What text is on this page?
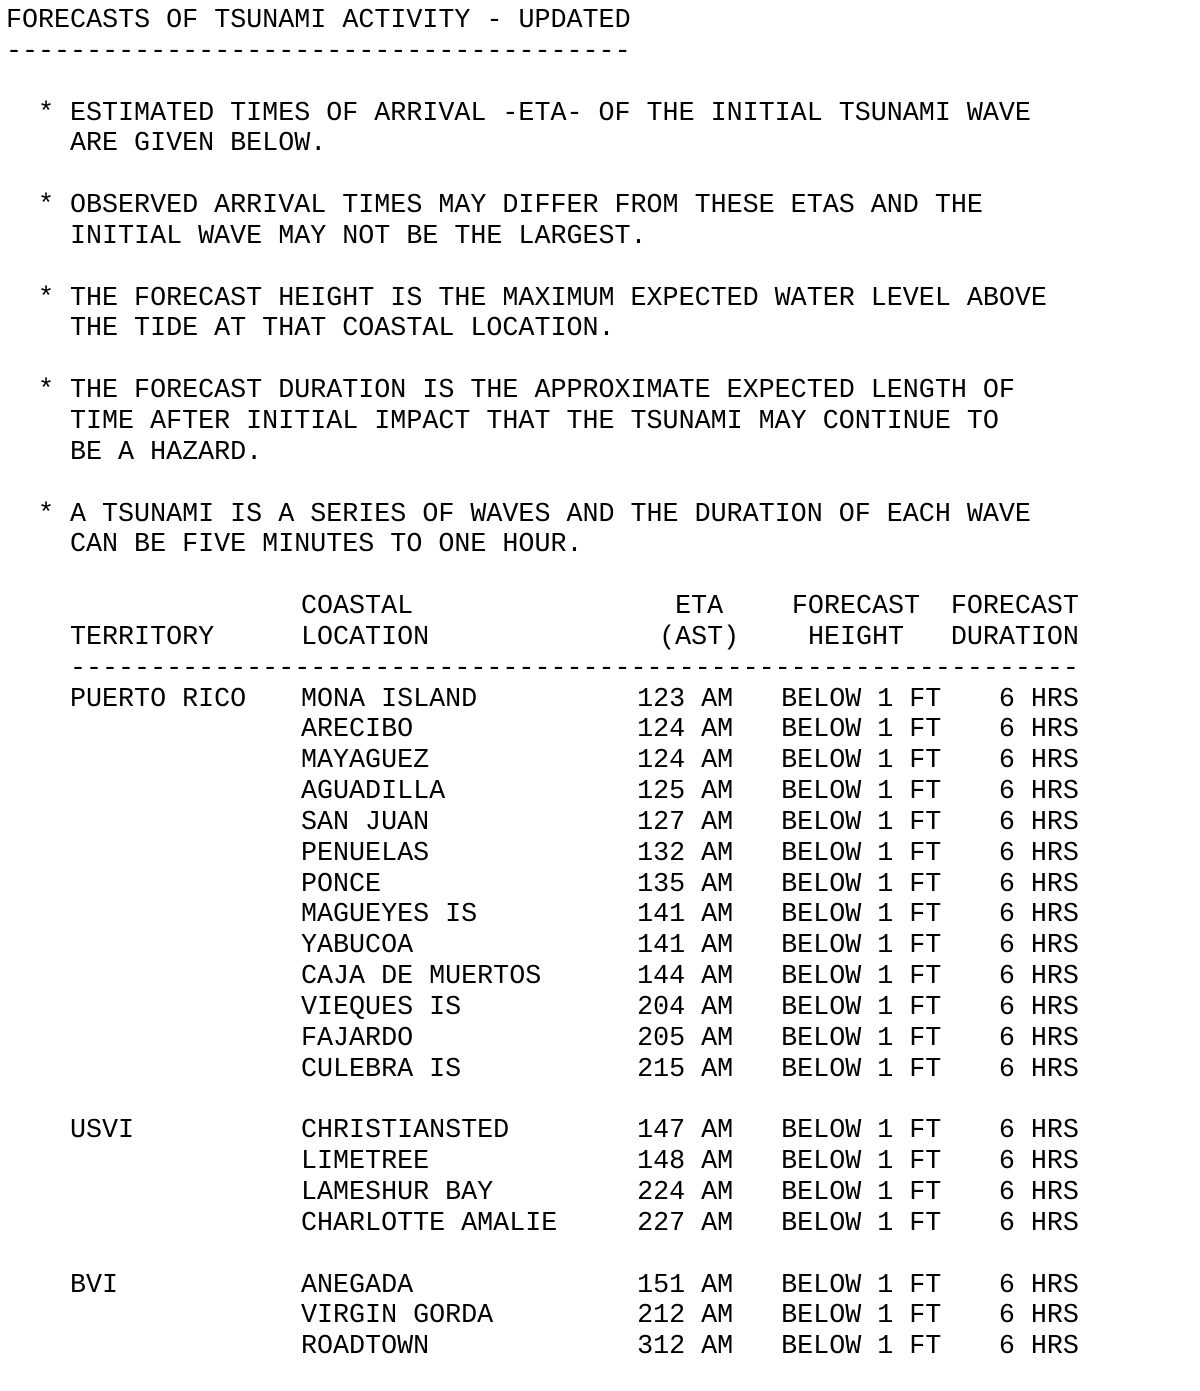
FORECASTS OF TSUNAMI ACTIVITY - UPDATED
---------------------------------------
* ESTIMATED TIMES OF ARRIVAL -ETA- OF THE INITIAL TSUNAMI WAVE
ARE GIVEN BELOW.
* OBSERVED ARRIVAL TIMES MAY DIFFER FROM THESE ETAS AND THE
INITIAL WAVE MAY NOT BE THE LARGEST.
* THE FORECAST HEIGHT IS THE MAXIMUM EXPECTED WATER LEVEL ABOVE
THE TIDE AT THAT COASTAL LOCATION.
* THE FORECAST DURATION IS THE APPROXIMATE EXPECTED LENGTH OF
TIME AFTER INITIAL IMPACT THAT THE TSUNAMI MAY CONTINUE TO
BE A HAZARD.
* A TSUNAMI IS A SERIES OF WAVES AND THE DURATION OF EACH WAVE
CAN BE FIVE MINUTES TO ONE HOUR.
	COASTAL	ETA	FORECAST	FORECAST
TERRITORY	LOCATION	(AST)	HEIGHT	DURATION
---------------------------------------------------------------				
PUERTO RICO	MONA ISLAND	123 AM	BELOW 1 FT	6 HRS
	ARECIBO	124 AM	BELOW 1 FT	6 HRS
	MAYAGUEZ	124 AM	BELOW 1 FT	6 HRS
	AGUADILLA	125 AM	BELOW 1 FT	6 HRS
	SAN JUAN	127 AM	BELOW 1 FT	6 HRS
	PENUELAS	132 AM	BELOW 1 FT	6 HRS
	PONCE	135 AM	BELOW 1 FT	6 HRS
	MAGUEYES IS	141 AM	BELOW 1 FT	6 HRS
	YABUCOA	141 AM	BELOW 1 FT	6 HRS
	CAJA DE MUERTOS	144 AM	BELOW 1 FT	6 HRS
	VIEQUES IS	204 AM	BELOW 1 FT	6 HRS
	FAJARDO	205 AM	BELOW 1 FT	6 HRS
	CULEBRA IS	215 AM	BELOW 1 FT	6 HRS

USVI	CHRISTIANSTED	147 AM	BELOW 1 FT	6 HRS
	LIMETREE	148 AM	BELOW 1 FT	6 HRS
	LAMESHUR BAY	224 AM	BELOW 1 FT	6 HRS
	CHARLOTTE AMALIE	227 AM	BELOW 1 FT	6 HRS

BVI	ANEGADA	151 AM	BELOW 1 FT	6 HRS
	VIRGIN GORDA	212 AM	BELOW 1 FT	6 HRS
	ROADTOWN	312 AM	BELOW 1 FT	6 HRS
